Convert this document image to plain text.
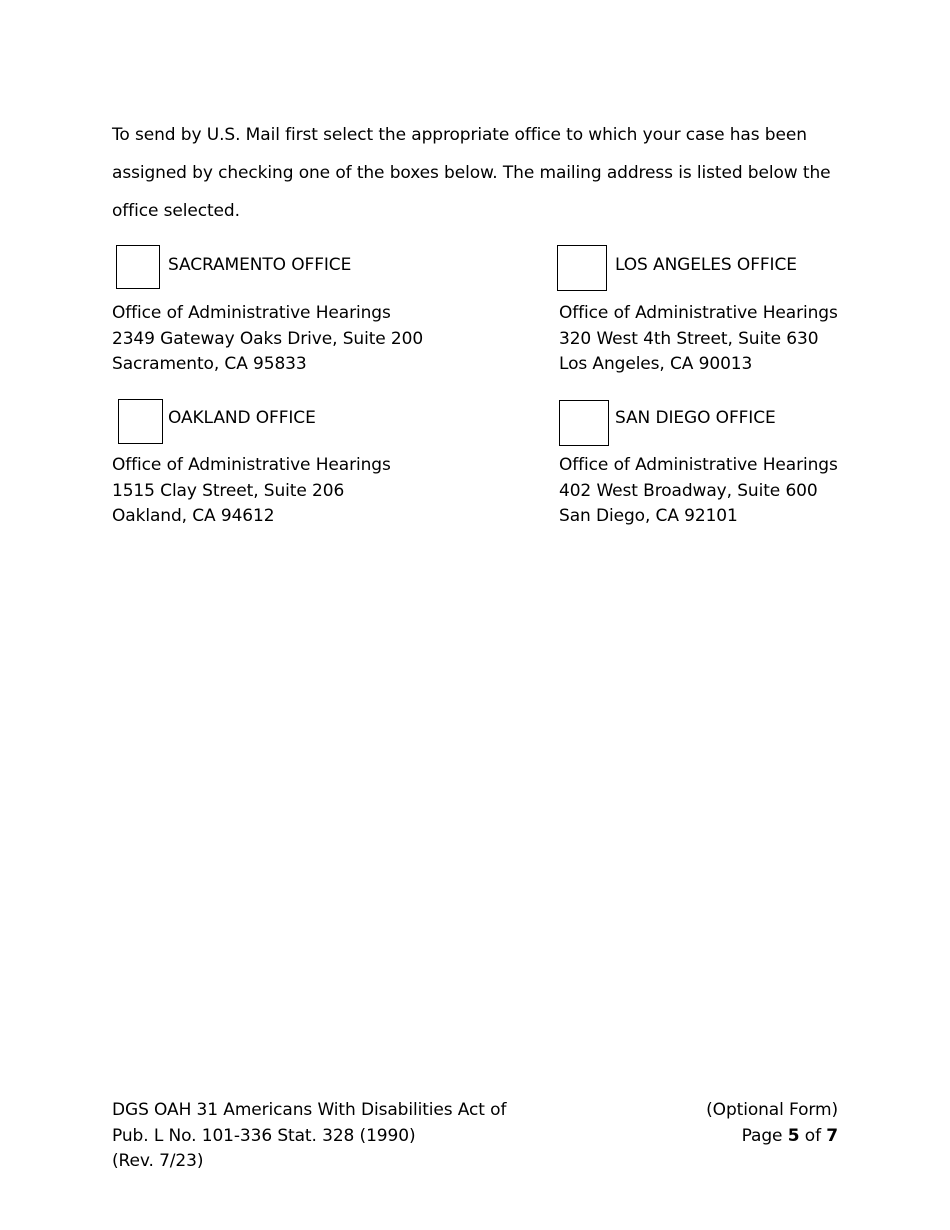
To send by U.S. Mail first select the appropriate office to which your case has been assigned by checking one of the boxes below. The mailing address is listed below the office selected.
SACRAMENTO OFFICE
Office of Administrative Hearings
2349 Gateway Oaks Drive, Suite 200
Sacramento, CA 95833
LOS ANGELES OFFICE
Office of Administrative Hearings
320 West 4th Street, Suite 630
Los Angeles, CA 90013
OAKLAND OFFICE
Office of Administrative Hearings
1515 Clay Street, Suite 206
Oakland, CA 94612
SAN DIEGO OFFICE
Office of Administrative Hearings
402 West Broadway, Suite 600
San Diego, CA 92101
DGS OAH 31 Americans With Disabilities Act of
Pub. L No. 101-336 Stat. 328 (1990)
(Rev. 7/23)
(Optional Form)
Page 5 of 7
